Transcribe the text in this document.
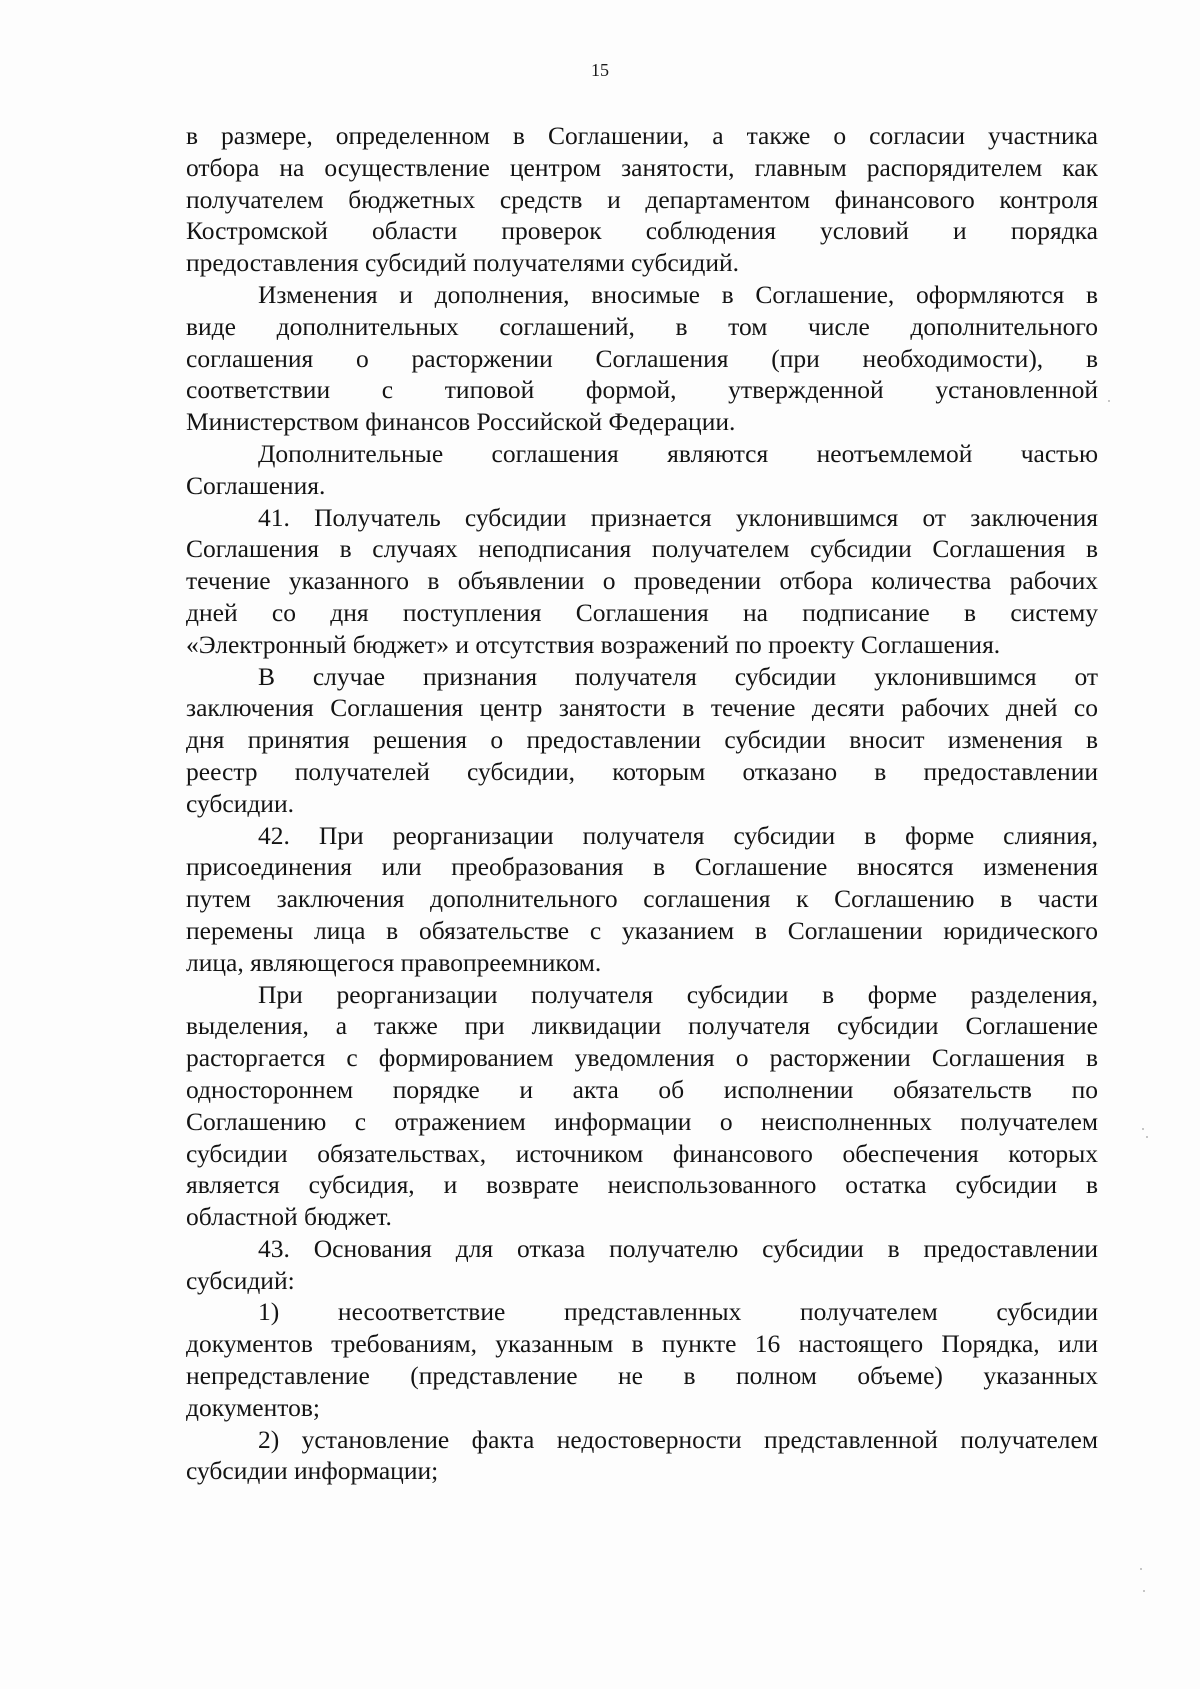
15
в размере, определенном в Соглашении, а также о согласии участника
отбора на осуществление центром занятости, главным распорядителем как
получателем бюджетных средств и департаментом финансового контроля
Костромской области проверок соблюдения условий и порядка
предоставления субсидий получателями субсидий.
Изменения и дополнения, вносимые в Соглашение, оформляются в
виде дополнительных соглашений, в том числе дополнительного
соглашения о расторжении Соглашения (при необходимости), в
соответствии с типовой формой, утвержденной установленной
Министерством финансов Российской Федерации.
Дополнительные соглашения являются неотъемлемой частью
Соглашения.
41. Получатель субсидии признается уклонившимся от заключения
Соглашения в случаях неподписания получателем субсидии Соглашения в
течение указанного в объявлении о проведении отбора количества рабочих
дней со дня поступления Соглашения на подписание в систему
«Электронный бюджет» и отсутствия возражений по проекту Соглашения.
В случае признания получателя субсидии уклонившимся от
заключения Соглашения центр занятости в течение десяти рабочих дней со
дня принятия решения о предоставлении субсидии вносит изменения в
реестр получателей субсидии, которым отказано в предоставлении
субсидии.
42. При реорганизации получателя субсидии в форме слияния,
присоединения или преобразования в Соглашение вносятся изменения
путем заключения дополнительного соглашения к Соглашению в части
перемены лица в обязательстве с указанием в Соглашении юридического
лица, являющегося правопреемником.
При реорганизации получателя субсидии в форме разделения,
выделения, а также при ликвидации получателя субсидии Соглашение
расторгается с формированием уведомления о расторжении Соглашения в
одностороннем порядке и акта об исполнении обязательств по
Соглашению с отражением информации о неисполненных получателем
субсидии обязательствах, источником финансового обеспечения которых
является субсидия, и возврате неиспользованного остатка субсидии в
областной бюджет.
43. Основания для отказа получателю субсидии в предоставлении
субсидий:
1) несоответствие представленных получателем субсидии
документов требованиям, указанным в пункте 16 настоящего Порядка, или
непредставление (представление не в полном объеме) указанных
документов;
2) установление факта недостоверности представленной получателем
субсидии информации;
